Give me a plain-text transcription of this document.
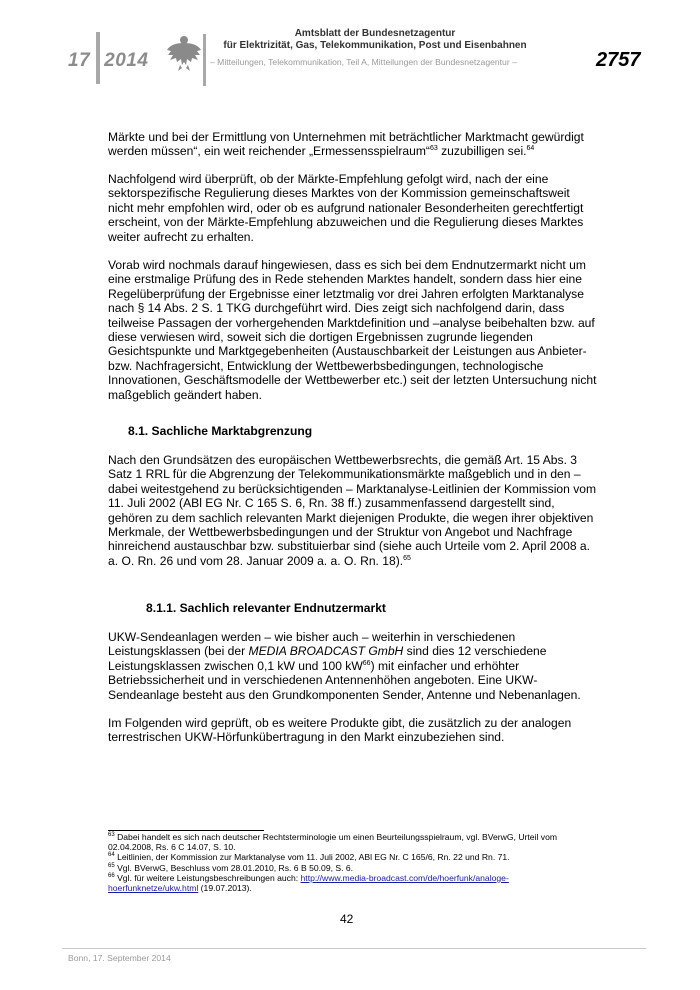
17 2014
Amtsblatt der Bundesnetzagentur
für Elektrizität, Gas, Telekommunikation, Post und Eisenbahnen
– Mitteilungen, Telekommunikation, Teil A, Mitteilungen der Bundesnetzagentur –	2757

Märkte und bei der Ermittlung von Unternehmen mit beträchtlicher Marktmacht gewürdigt werden müssen“, ein weit reichender „Ermessensspielraum“$^{63}$ zuzubilligen sei.$^{64}$

Nachfolgend wird überprüft, ob der Märkte-Empfehlung gefolgt wird, nach der eine sektorspezifische Regulierung dieses Marktes von der Kommission gemeinschaftsweit nicht mehr empfohlen wird, oder ob es aufgrund nationaler Besonderheiten gerechtfertigt erscheint, von der Märkte-Empfehlung abzuweichen und die Regulierung dieses Marktes weiter aufrecht zu erhalten.

Vorab wird nochmals darauf hingewiesen, dass es sich bei dem Endnutzermarkt nicht um eine erstmalige Prüfung des in Rede stehenden Marktes handelt, sondern dass hier eine Regelüberprüfung der Ergebnisse einer letztmalig vor drei Jahren erfolgten Marktanalyse nach § 14 Abs. 2 S. 1 TKG durchgeführt wird. Dies zeigt sich nachfolgend darin, dass teilweise Passagen der vorhergehenden Marktdefinition und –analyse beibehalten bzw. auf diese verwiesen wird, soweit sich die dortigen Ergebnissen zugrunde liegenden Gesichtspunkte und Marktgegebenheiten (Austauschbarkeit der Leistungen aus Anbieter- bzw. Nachfragersicht, Entwicklung der Wettbewerbsbedingungen, technologische Innovationen, Geschäftsmodelle der Wettbewerber etc.) seit der letzten Untersuchung nicht maßgeblich geändert haben.

8.1. Sachliche Marktabgrenzung

Nach den Grundsätzen des europäischen Wettbewerbsrechts, die gemäß Art. 15 Abs. 3 Satz 1 RRL für die Abgrenzung der Telekommunikationsmärkte maßgeblich und in den – dabei weitestgehend zu berücksichtigenden – Marktanalyse-Leitlinien der Kommission vom 11. Juli 2002 (ABl EG Nr. C 165 S. 6, Rn. 38 ff.) zusammenfassend dargestellt sind, gehören zu dem sachlich relevanten Markt diejenigen Produkte, die wegen ihrer objektiven Merkmale, der Wettbewerbsbedingungen und der Struktur von Angebot und Nachfrage hinreichend austauschbar bzw. substituierbar sind (siehe auch Urteile vom 2. April 2008 a. a. O. Rn. 26 und vom 28. Januar 2009 a. a. O. Rn. 18).$^{65}$

8.1.1. Sachlich relevanter Endnutzermarkt

UKW-Sendeanlagen werden – wie bisher auch – weiterhin in verschiedenen Leistungsklassen (bei der MEDIA BROADCAST GmbH sind dies 12 verschiedene Leistungsklassen zwischen 0,1 kW und 100 $kW^{66}$) mit einfacher und erhöhter Betriebssicherheit und in verschiedenen Antennenhöhen angeboten. Eine UKW-Sendeanlage besteht aus den Grundkomponenten Sender, Antenne und Nebenanlagen.

Im Folgenden wird geprüft, ob es weitere Produkte gibt, die zusätzlich zu der analogen terrestrischen UKW-Hörfunkübertragung in den Markt einzubeziehen sind.

$^{63}$ Dabei handelt es sich nach deutscher Rechtsterminologie um einen Beurteilungsspielraum, vgl. BVerwG, Urteil vom 02.04.2008, Rs. 6 C 14.07, S. 10.

$^{64}$ Leitlinien, der Kommission zur Marktanalyse vom 11. Juli 2002, ABl EG Nr. C 165/6, Rn. 22 und Rn. 71.

$^{65}$ Vgl. BVerwG, Beschluss vom 28.01.2010, Rs. 6 B 50.09, S. 6.

$^{66}$ Vgl. für weitere Leistungsbeschreibungen auch: http://www.media-broadcast.com/de/hoerfunk/analoge-hoerfunknetze/ukw.html (19.07.2013).

42
Bonn, 17. September 2014
